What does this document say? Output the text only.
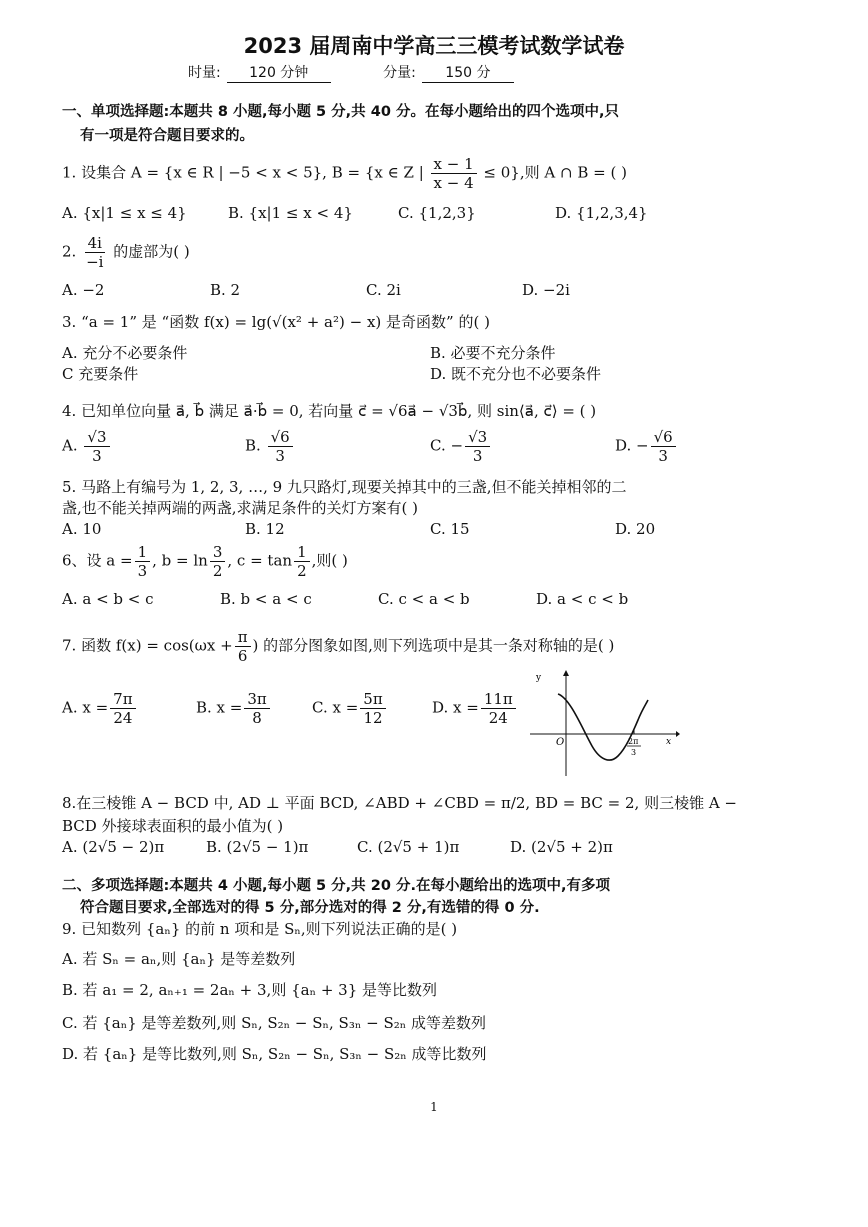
2023 届周南中学高三三模考试数学试卷
时量: 120 分钟	分量: 150 分
一、单项选择题:本题共 8 小题,每小题 5 分,共 40 分。在每小题给出的四个选项中,只
有一项是符合题目要求的。
1. 设集合 A = {x ∈ R | −5 < x < 5}, B = {x ∈ Z | $\frac{x - 1}{x - 4} \le 0$},则 A ∩ B = ( )
A. {x|1 ≤ x ≤ 4}	B. {x|1 ≤ x < 4}	C. {1,2,3}	D. {1,2,3,4}
2. $\frac{4i}{-i}$ 的虚部为( )
A. −2	B. 2	C. 2i	D. −2i
3. “a = 1” 是 “函数 f(x) = lg(√(x² + a²) − x) 是奇函数” 的( )
A. 充分不必要条件	B. 必要不充分条件
C 充要条件	D. 既不充分也不必要条件
4. 已知单位向量 a⃗, b⃗ 满足 a⃗·b⃗ = 0, 若向量 c⃗ = √6a⃗ − √3b⃗, 则 sin⟨a⃗, c⃗⟩ = ( )
A. $\frac{√3}{3}$	B. $\frac{√6}{3}$	C. − $\frac{√3}{3}$	D. − $\frac{√6}{3}$
5. 马路上有编号为 1, 2, 3, …, 9 九只路灯,现要关掉其中的三盏,但不能关掉相邻的二
盏,也不能关掉两端的两盏,求满足条件的关灯方案有( )
A. 10	B. 12	C. 15	D. 20
6、设 $a = \frac{1}{3}$ , $b = \ln \frac{3}{2}$ , $c = \tan \frac{1}{2}$ ,则( )
A. a < b < c	B. b < a < c	C. c < a < b	D. a < c < b
7. 函数 $f(x) = \cos(\omega x + \frac{\pi}{6}$ ) 的部分图象如图,则下列选项中是其一条对称轴的是( )
A. $x = \frac{7\pi}{24}$	B. $x = \frac{3\pi}{8}$	C. $x = \frac{5\pi}{12}$	D. $x = \frac{11\pi}{24}$
y
x
O	2π
3
8.在三棱锥 A − BCD 中, AD ⊥ 平面 BCD, ∠ABD + ∠CBD = π/2, BD = BC = 2, 则三棱锥 A −
BCD 外接球表面积的最小值为( )
A. (2√5 − 2)π	B. (2√5 − 1)π	C. (2√5 + 1)π	D. (2√5 + 2)π
二、多项选择题:本题共 4 小题,每小题 5 分,共 20 分.在每小题给出的选项中,有多项
符合题目要求,全部选对的得 5 分,部分选对的得 2 分,有选错的得 0 分.
9. 已知数列 {aₙ} 的前 n 项和是 Sₙ,则下列说法正确的是( )
A. 若 Sₙ = aₙ,则 {aₙ} 是等差数列
B. 若 a₁ = 2, aₙ₊₁ = 2aₙ + 3,则 {aₙ + 3} 是等比数列
C. 若 {aₙ} 是等差数列,则 Sₙ, S₂ₙ − Sₙ, S₃ₙ − S₂ₙ 成等差数列
D. 若 {aₙ} 是等比数列,则 Sₙ, S₂ₙ − Sₙ, S₃ₙ − S₂ₙ 成等比数列
1
